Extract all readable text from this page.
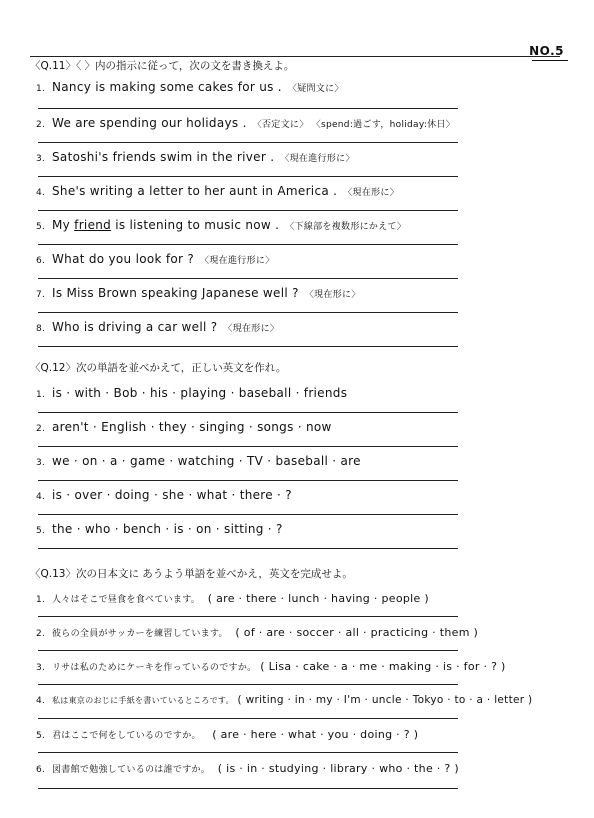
NO.5
〈Q.11〉〈 〉内の指示に従って，次の文を書き換えよ。
1. Nancy is making some cakes for us . 〈疑問文に〉
2. We are spending our holidays . 〈否定文に〉 〈spend:過ごす，holiday:休日〉
3. Satoshi's friends swim in the river . 〈現在進行形に〉
4. She's writing a letter to her aunt in America . 〈現在形に〉
5. My friend is listening to music now . 〈下線部を複数形にかえて〉
6. What do you look for ? 〈現在進行形に〉
7. Is Miss Brown speaking Japanese well ? 〈現在形に〉
8. Who is driving a car well ? 〈現在形に〉
〈Q.12〉次の単語を並べかえて，正しい英文を作れ。
1. is · with · Bob · his · playing · baseball · friends
2. aren't · English · they · singing · songs · now
3. we · on · a · game · watching · TV · baseball · are
4. is · over · doing · she · what · there · ?
5. the · who · bench · is · on · sitting · ?
〈Q.13〉次の日本文に あうよう単語を並べかえ，英文を完成せよ。
1. 人々はそこで昼食を食べています。 ( are · there · lunch · having · people )
2. 彼らの全員がサッカーを練習しています。 ( of · are · soccer · all · practicing · them )
3. リサは私のためにケーキを作っているのですか。 ( Lisa · cake · a · me · making · is · for · ? )
4. 私は東京のおじに手紙を書いているところです。 ( writing · in · my · I'm · uncle · Tokyo · to · a · letter )
5. 君はここで何をしているのですか。 ( are · here · what · you · doing · ? )
6. 図書館で勉強しているのは誰ですか。 ( is · in · studying · library · who · the · ? )
